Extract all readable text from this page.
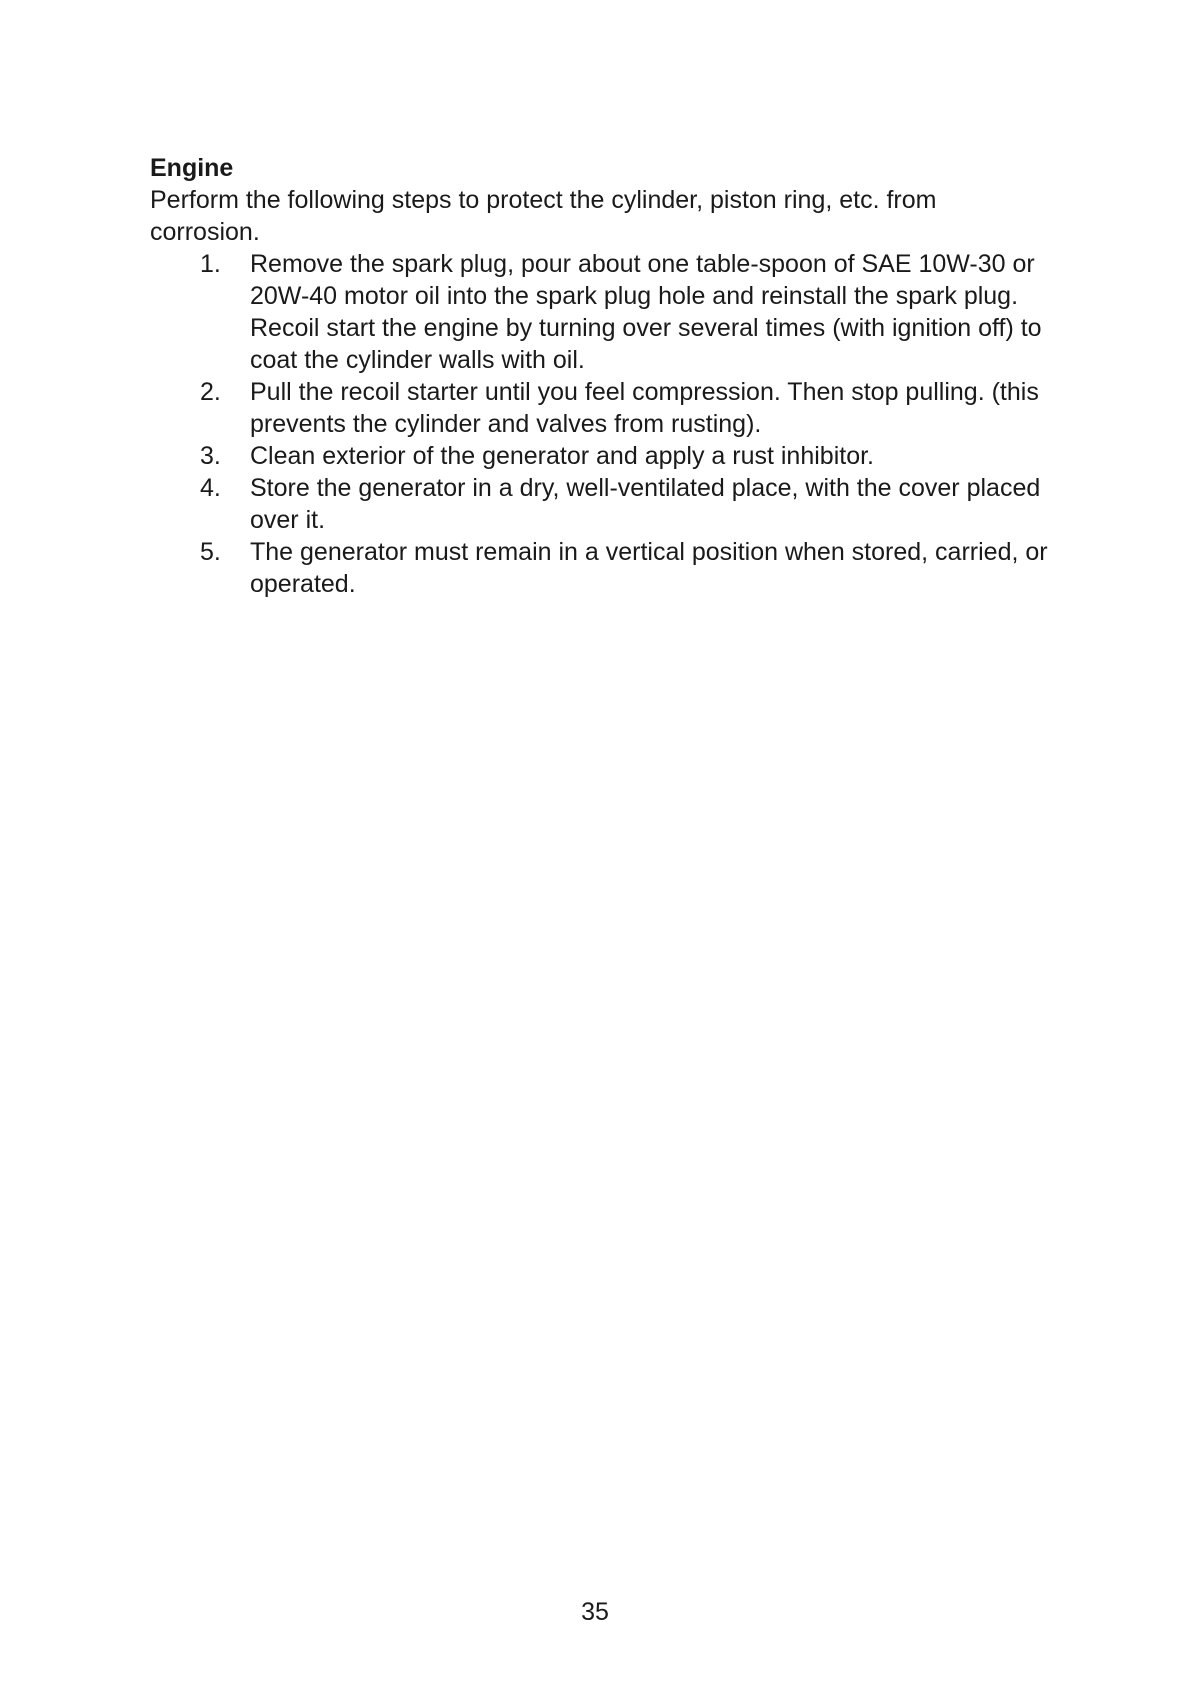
Engine

Perform the following steps to protect the cylinder, piston ring, etc. from corrosion.

1.	Remove the spark plug, pour about one table-spoon of SAE 10W-30 or 20W-40 motor oil into the spark plug hole and reinstall the spark plug. Recoil start the engine by turning over several times (with ignition off) to coat the cylinder walls with oil.
2.	Pull the recoil starter until you feel compression. Then stop pulling. (this prevents the cylinder and valves from rusting).
3.	Clean exterior of the generator and apply a rust inhibitor.
4.	Store the generator in a dry, well-ventilated place, with the cover placed over it.
5.	The generator must remain in a vertical position when stored, carried, or operated.
35
